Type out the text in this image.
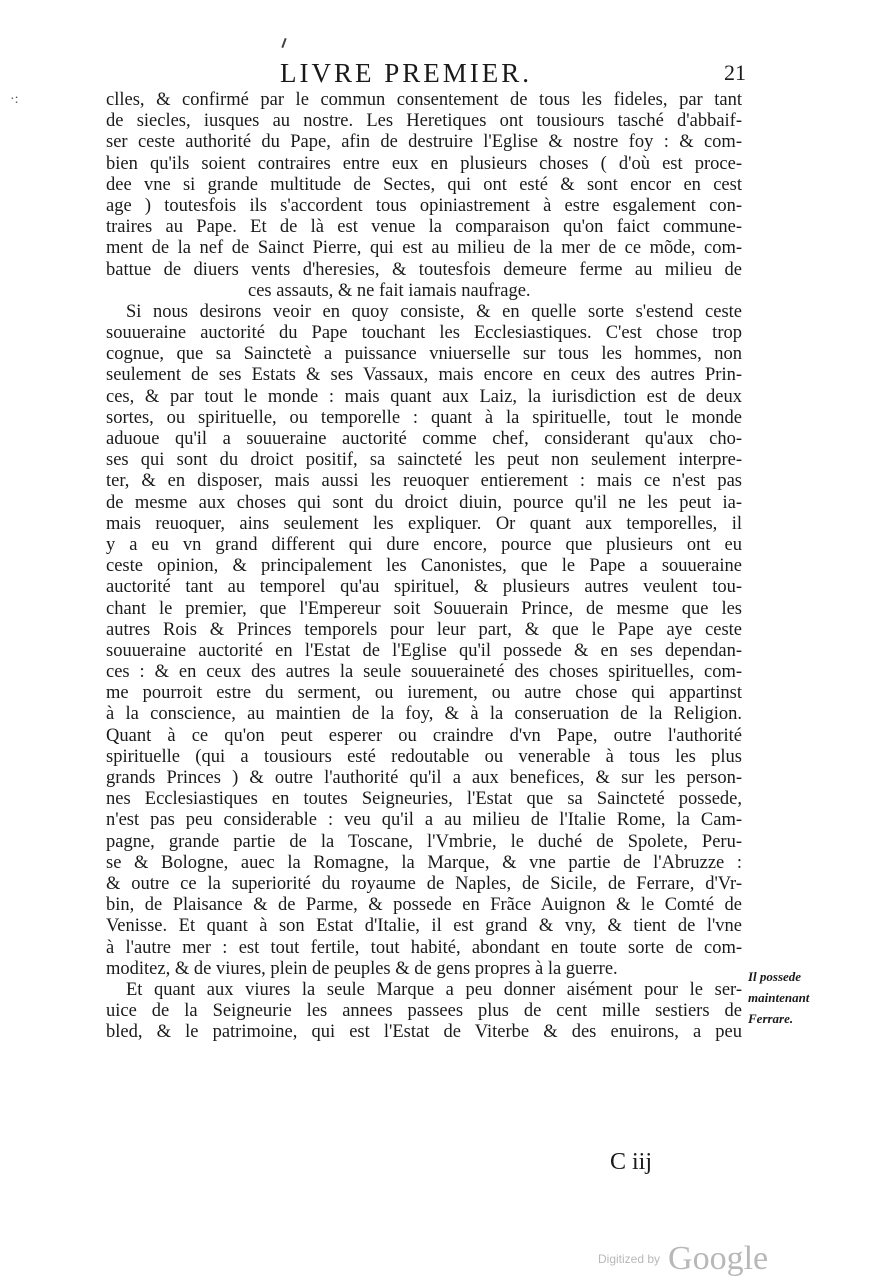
·:
LIVRE PREMIER.	21
clles, & confirmé par le commun consentement de tous les fideles, par tant
de siecles, iusques au nostre. Les Heretiques ont tousiours tasché d'abbaif-
ser ceste authorité du Pape, afin de destruire l'Eglise & nostre foy : & com-
bien qu'ils soient contraires entre eux en plusieurs choses ( d'où est proce-
dee vne si grande multitude de Sectes, qui ont esté & sont encor en cest
age ) toutesfois ils s'accordent tous opiniastrement à estre esgalement con-
traires au Pape. Et de là est venue la comparaison qu'on faict commune-
ment de la nef de Sainct Pierre, qui est au milieu de la mer de ce mõde, com-
battue de diuers vents d'heresies, & toutesfois demeure ferme au milieu de
ces assauts, & ne fait iamais naufrage.
Si nous desirons veoir en quoy consiste, & en quelle sorte s'estend ceste
souueraine auctorité du Pape touchant les Ecclesiastiques. C'est chose trop
cognue, que sa Sainctetè a puissance vniuerselle sur tous les hommes, non
seulement de ses Estats & ses Vassaux, mais encore en ceux des autres Prin-
ces, & par tout le monde : mais quant aux Laiz, la iurisdiction est de deux
sortes, ou spirituelle, ou temporelle : quant à la spirituelle, tout le monde
aduoue qu'il a souueraine auctorité comme chef, considerant qu'aux cho-
ses qui sont du droict positif, sa saincteté les peut non seulement interpre-
ter, & en disposer, mais aussi les reuoquer entierement : mais ce n'est pas
de mesme aux choses qui sont du droict diuin, pource qu'il ne les peut ia-
mais reuoquer, ains seulement les expliquer. Or quant aux temporelles, il
y a eu vn grand different qui dure encore, pource que plusieurs ont eu
ceste opinion, & principalement les Canonistes, que le Pape a souueraine
auctorité tant au temporel qu'au spirituel, & plusieurs autres veulent tou-
chant le premier, que l'Empereur soit Souuerain Prince, de mesme que les
autres Rois & Princes temporels pour leur part, & que le Pape aye ceste
souueraine auctorité en l'Estat de l'Eglise qu'il possede & en ses dependan-
ces : & en ceux des autres la seule souueraineté des choses spirituelles, com-
me pourroit estre du serment, ou iurement, ou autre chose qui appartinst
à la conscience, au maintien de la foy, & à la conseruation de la Religion.
Quant à ce qu'on peut esperer ou craindre d'vn Pape, outre l'authorité
spirituelle (qui a tousiours esté redoutable ou venerable à tous les plus
grands Princes ) & outre l'authorité qu'il a aux benefices, & sur les person-
nes Ecclesiastiques en toutes Seigneuries, l'Estat que sa Saincteté possede,
n'est pas peu considerable : veu qu'il a au milieu de l'Italie Rome, la Cam-
pagne, grande partie de la Toscane, l'Vmbrie, le duché de Spolete, Peru-
se & Bologne, auec la Romagne, la Marque, & vne partie de l'Abruzze :
& outre ce la superiorité du royaume de Naples, de Sicile, de Ferrare, d'Vr-
bin, de Plaisance & de Parme, & possede en Frãce Auignon & le Comté de
Venisse. Et quant à son Estat d'Italie, il est grand & vny, & tient de l'vne
à l'autre mer : est tout fertile, tout habité, abondant en toute sorte de com-
moditez, & de viures, plein de peuples & de gens propres à la guerre.
Et quant aux viures la seule Marque a peu donner aisément pour le ser-
uice de la Seigneurie les annees passees plus de cent mille sestiers de
bled, & le patrimoine, qui est l'Estat de Viterbe & des enuirons, a peu
Il possede
maintenant
Ferrare.
C iij
$^{Digitized by}$ Google
